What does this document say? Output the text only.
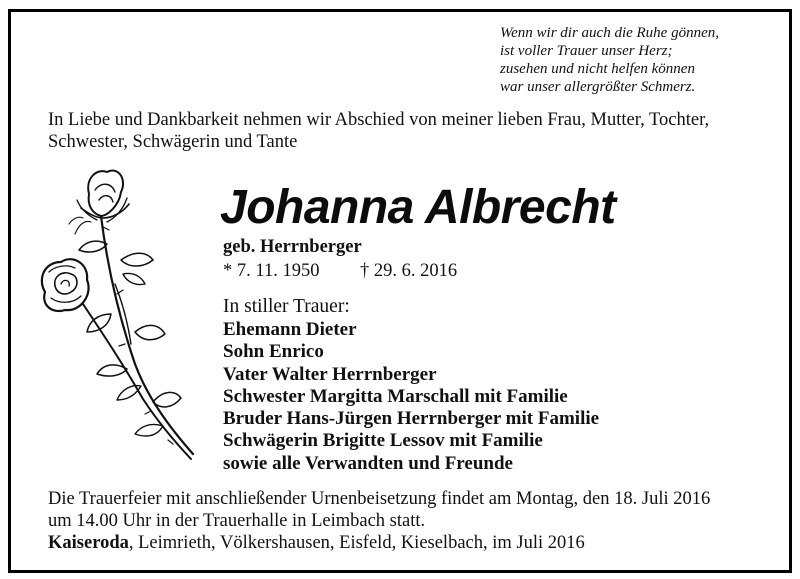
Wenn wir dir auch die Ruhe gönnen,
ist voller Trauer unser Herz;
zusehen und nicht helfen können
war unser allergrößter Schmerz.
In Liebe und Dankbarkeit nehmen wir Abschied von meiner lieben Frau, Mutter, Tochter,
Schwester, Schwägerin und Tante
Johanna Albrecht
geb. Herrnberger
* 7. 11. 1950 † 29. 6. 2016
In stiller Trauer:
Ehemann Dieter
Sohn Enrico
Vater Walter Herrnberger
Schwester Margitta Marschall mit Familie
Bruder Hans-Jürgen Herrnberger mit Familie
Schwägerin Brigitte Lessov mit Familie
sowie alle Verwandten und Freunde
Die Trauerfeier mit anschließender Urnenbeisetzung findet am Montag, den 18. Juli 2016
um 14.00 Uhr in der Trauerhalle in Leimbach statt.
Kaiseroda, Leimrieth, Völkershausen, Eisfeld, Kieselbach, im Juli 2016
